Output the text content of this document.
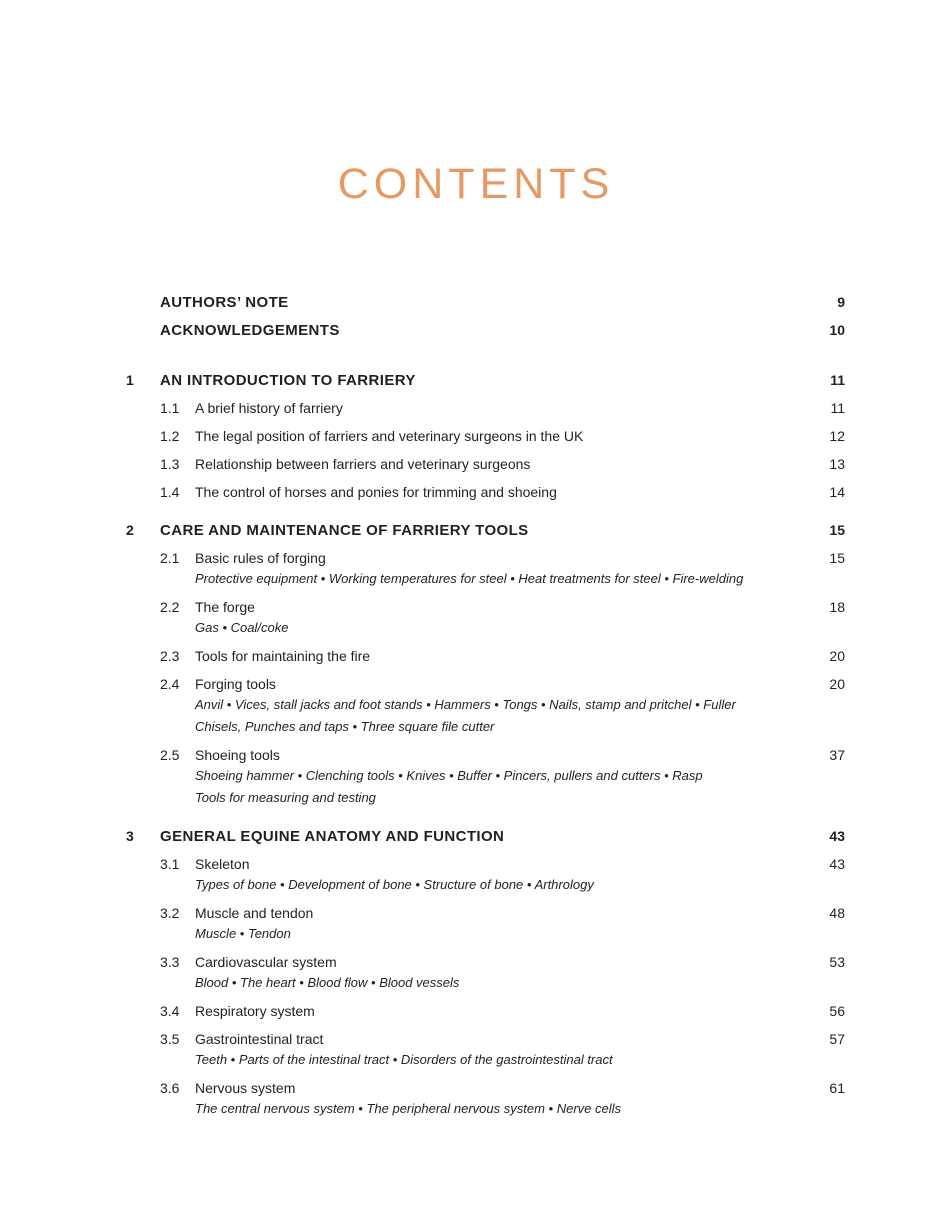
CONTENTS
AUTHORS’ NOTE	9
ACKNOWLEDGEMENTS	10
1 AN INTRODUCTION TO FARRIERY	11
1.1 A brief history of farriery	11
1.2 The legal position of farriers and veterinary surgeons in the UK	12
1.3 Relationship between farriers and veterinary surgeons	13
1.4 The control of horses and ponies for trimming and shoeing	14
2 CARE AND MAINTENANCE OF FARRIERY TOOLS	15
2.1 Basic rules of forging	15
Protective equipment • Working temperatures for steel • Heat treatments for steel • Fire-welding
2.2 The forge	18
Gas • Coal/coke
2.3 Tools for maintaining the fire	20
2.4 Forging tools	20
Anvil • Vices, stall jacks and foot stands • Hammers • Tongs • Nails, stamp and pritchel • Fuller
Chisels, Punches and taps • Three square file cutter
2.5 Shoeing tools	37
Shoeing hammer • Clenching tools • Knives • Buffer • Pincers, pullers and cutters • Rasp
Tools for measuring and testing
3 GENERAL EQUINE ANATOMY AND FUNCTION	43
3.1 Skeleton	43
Types of bone • Development of bone • Structure of bone • Arthrology
3.2 Muscle and tendon	48
Muscle • Tendon
3.3 Cardiovascular system	53
Blood • The heart • Blood flow • Blood vessels
3.4 Respiratory system	56
3.5 Gastrointestinal tract	57
Teeth • Parts of the intestinal tract • Disorders of the gastrointestinal tract
3.6 Nervous system	61
The central nervous system • The peripheral nervous system • Nerve cells
